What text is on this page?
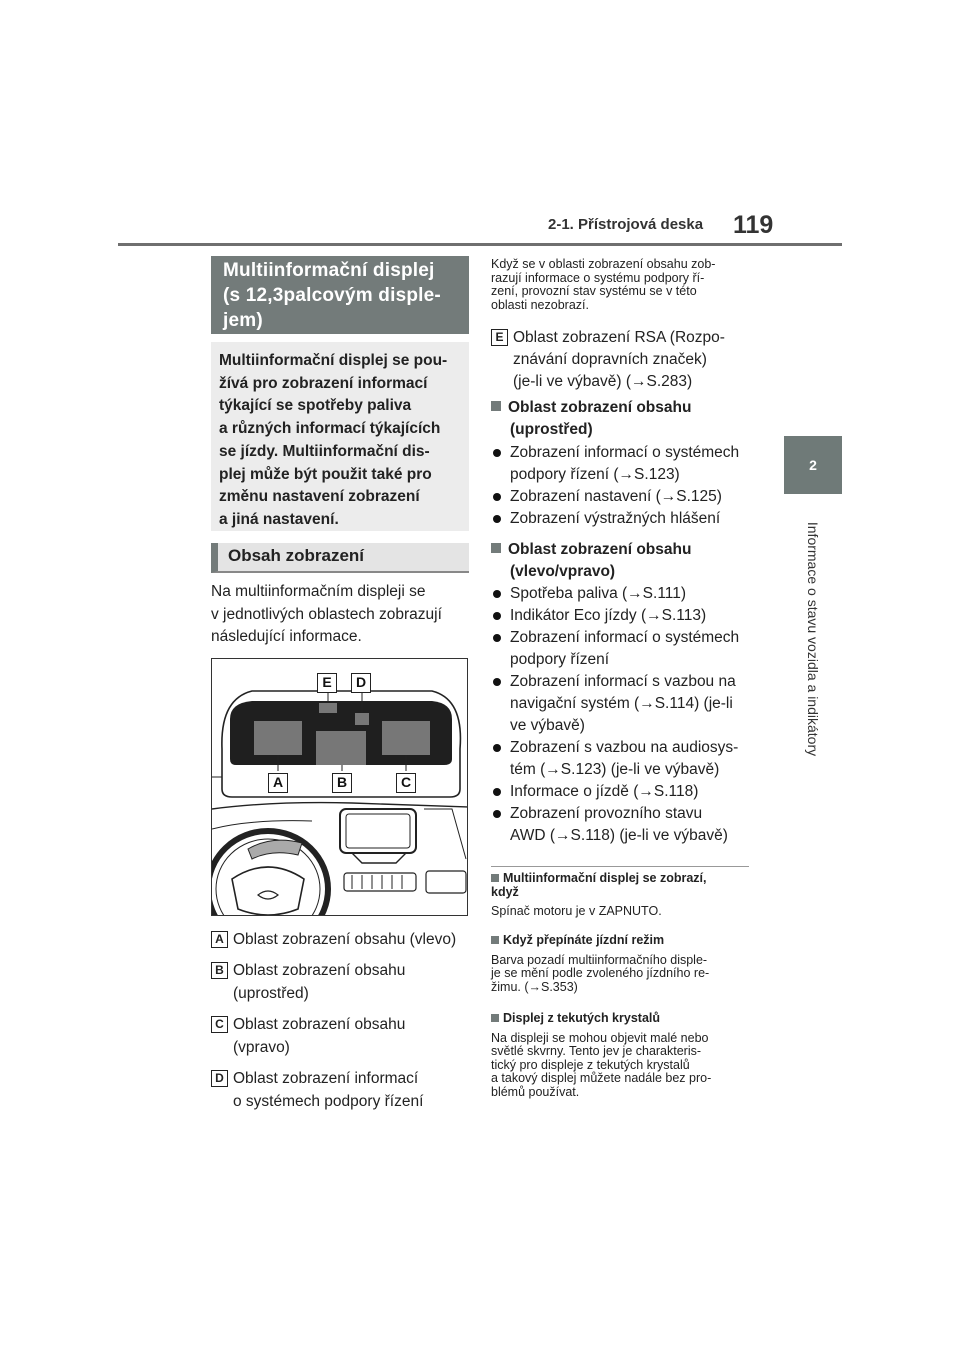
2-1. Přístrojová deska 119
2
Informace o stavu vozidla a indikátory
Multiinformační displej
(s 12,3palcovým disple-
jem)
Multiinformační displej se pou-
žívá pro zobrazení informací
týkající se spotřeby paliva
a různých informací týkajících
se jízdy. Multiinformační dis-
plej může být použit také pro
změnu nastavení zobrazení
a jiná nastavení.
Obsah zobrazení
Na multiinformačním displeji se
v jednotlivých oblastech zobrazují
následující informace.
E	D
A	B	C
A Oblast zobrazení obsahu (vlevo)
B Oblast zobrazení obsahu
(uprostřed)
C Oblast zobrazení obsahu
(vpravo)
D Oblast zobrazení informací
o systémech podpory řízení
Když se v oblasti zobrazení obsahu zob-
razují informace o systému podpory ří-
zení, provozní stav systému se v této
oblasti nezobrazí.
E Oblast zobrazení RSA (Rozpo-
znávání dopravních značek)
(je-li ve výbavě) (→S.283)
Oblast zobrazení obsahu
(uprostřed)
Zobrazení informací o systémech
podpory řízení (→S.123)
Zobrazení nastavení (→S.125)
Zobrazení výstražných hlášení
Oblast zobrazení obsahu
(vlevo/vpravo)
Spotřeba paliva (→S.111)
Indikátor Eco jízdy (→S.113)
Zobrazení informací o systémech
podpory řízení
Zobrazení informací s vazbou na
navigační systém (→S.114) (je-li
ve výbavě)
Zobrazení s vazbou na audiosys-
tém (→S.123) (je-li ve výbavě)
Informace o jízdě (→S.118)
Zobrazení provozního stavu
AWD (→S.118) (je-li ve výbavě)
Multiinformační displej se zobrazí,
když
Spínač motoru je v ZAPNUTO.
Když přepínáte jízdní režim
Barva pozadí multiinformačního disple-
je se mění podle zvoleného jízdního re-
žimu. (→S.353)
Displej z tekutých krystalů
Na displeji se mohou objevit malé nebo
světlé skvrny. Tento jev je charakteris-
tický pro displeje z tekutých krystalů
a takový displej můžete nadále bez pro-
blémů používat.
